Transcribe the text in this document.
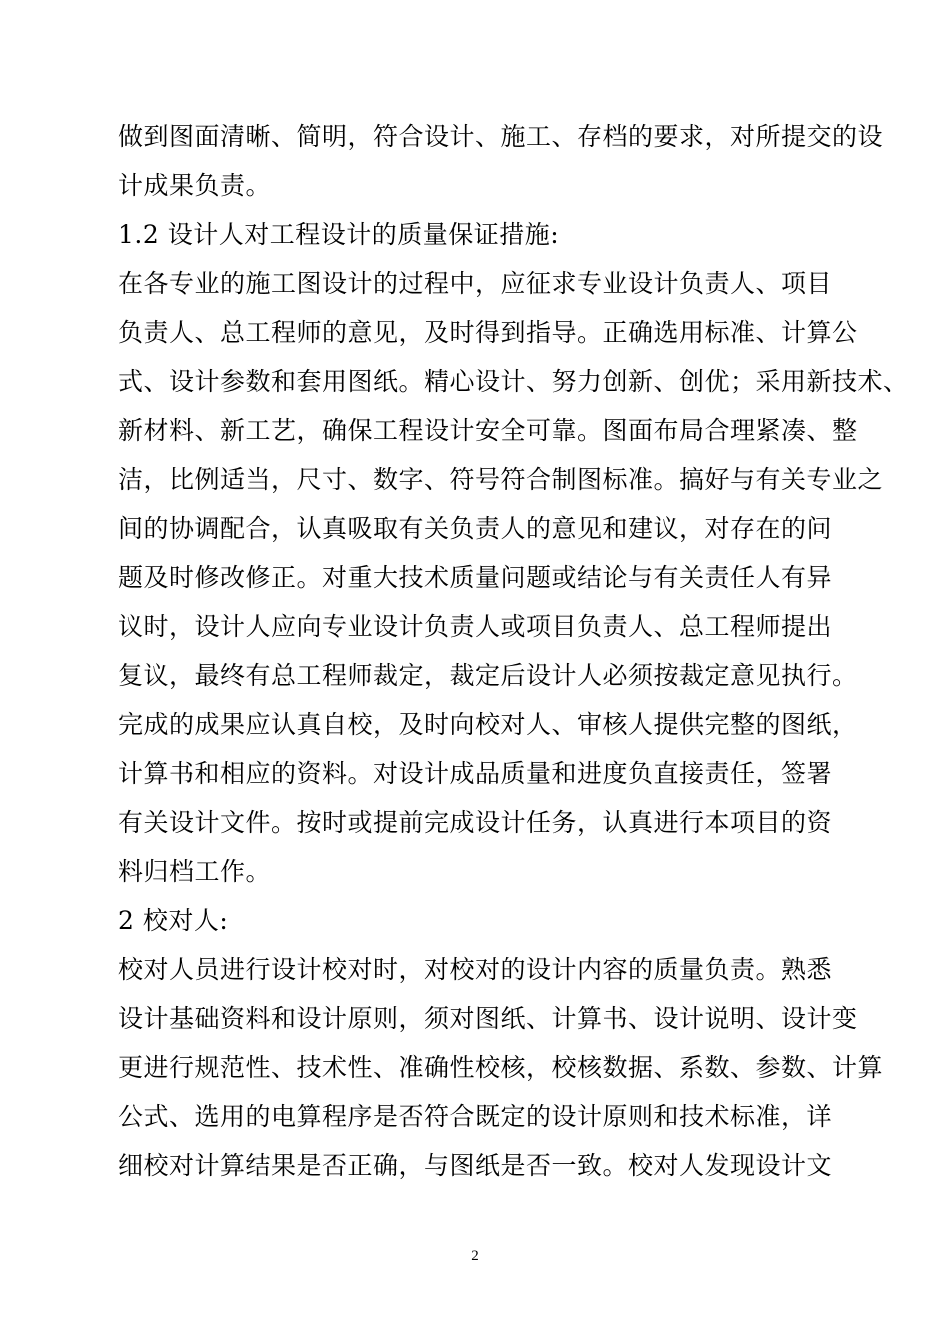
做到图面清晰、简明，符合设计、施工、存档的要求，对所提交的设
计成果负责。
1.2 设计人对工程设计的质量保证措施:
在各专业的施工图设计的过程中，应征求专业设计负责人、项目
负责人、总工程师的意见，及时得到指导。正确选用标准、计算公
式、设计参数和套用图纸。精心设计、努力创新、创优；采用新技术、
新材料、新工艺，确保工程设计安全可靠。图面布局合理紧凑、整
洁，比例适当，尺寸、数字、符号符合制图标准。搞好与有关专业之
间的协调配合，认真吸取有关负责人的意见和建议，对存在的问
题及时修改修正。对重大技术质量问题或结论与有关责任人有异
议时，设计人应向专业设计负责人或项目负责人、总工程师提出
复议，最终有总工程师裁定，裁定后设计人必须按裁定意见执行。
完成的成果应认真自校，及时向校对人、审核人提供完整的图纸，
计算书和相应的资料。对设计成品质量和进度负直接责任，签署
有关设计文件。按时或提前完成设计任务，认真进行本项目的资
料归档工作。
2 校对人:
校对人员进行设计校对时，对校对的设计内容的质量负责。熟悉
设计基础资料和设计原则，须对图纸、计算书、设计说明、设计变
更进行规范性、技术性、准确性校核，校核数据、系数、参数、计算
公式、选用的电算程序是否符合既定的设计原则和技术标准，详
细校对计算结果是否正确，与图纸是否一致。校对人发现设计文
2
